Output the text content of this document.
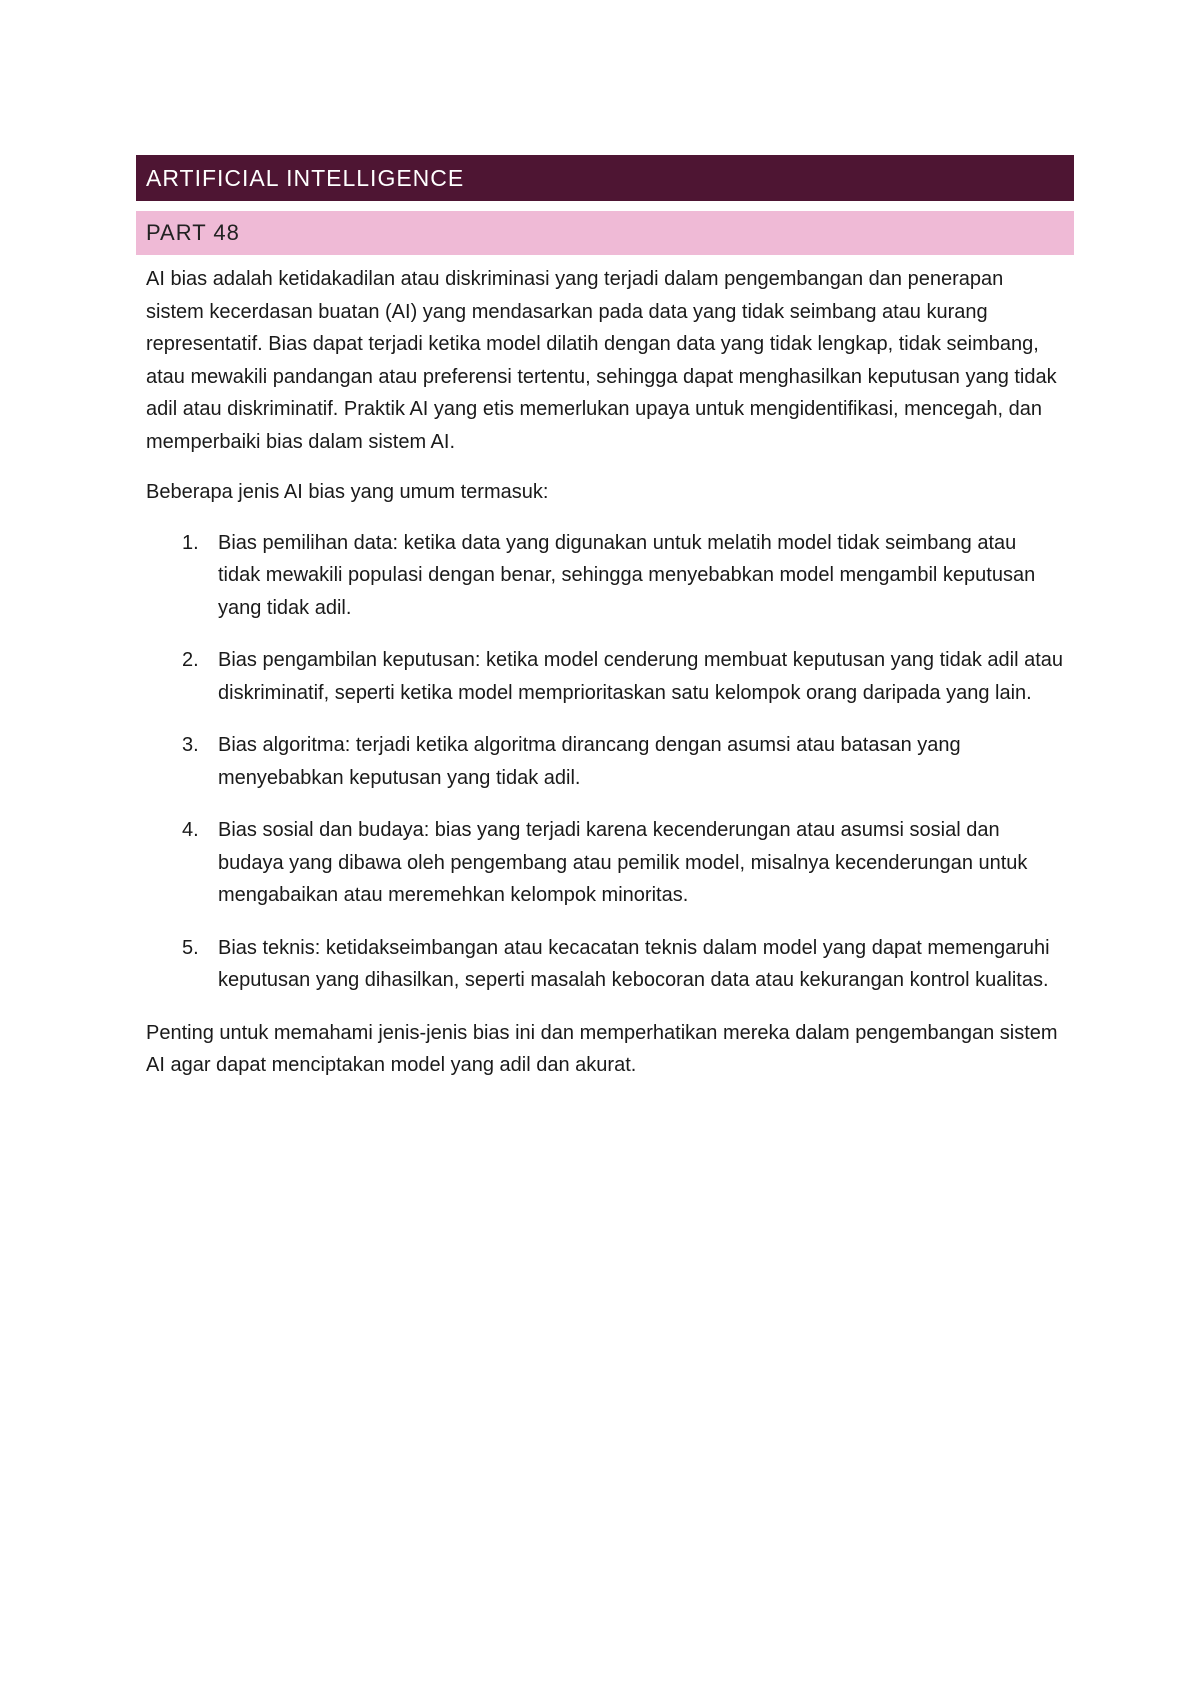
ARTIFICIAL INTELLIGENCE
PART 48

AI bias adalah ketidakadilan atau diskriminasi yang terjadi dalam pengembangan dan penerapan sistem kecerdasan buatan (AI) yang mendasarkan pada data yang tidak seimbang atau kurang representatif. Bias dapat terjadi ketika model dilatih dengan data yang tidak lengkap, tidak seimbang, atau mewakili pandangan atau preferensi tertentu, sehingga dapat menghasilkan keputusan yang tidak adil atau diskriminatif. Praktik AI yang etis memerlukan upaya untuk mengidentifikasi, mencegah, dan memperbaiki bias dalam sistem AI.

Beberapa jenis AI bias yang umum termasuk:

1. Bias pemilihan data: ketika data yang digunakan untuk melatih model tidak seimbang atau tidak mewakili populasi dengan benar, sehingga menyebabkan model mengambil keputusan yang tidak adil.
2. Bias pengambilan keputusan: ketika model cenderung membuat keputusan yang tidak adil atau diskriminatif, seperti ketika model memprioritaskan satu kelompok orang daripada yang lain.
3. Bias algoritma: terjadi ketika algoritma dirancang dengan asumsi atau batasan yang menyebabkan keputusan yang tidak adil.
4. Bias sosial dan budaya: bias yang terjadi karena kecenderungan atau asumsi sosial dan budaya yang dibawa oleh pengembang atau pemilik model, misalnya kecenderungan untuk mengabaikan atau meremehkan kelompok minoritas.
5. Bias teknis: ketidakseimbangan atau kecacatan teknis dalam model yang dapat memengaruhi keputusan yang dihasilkan, seperti masalah kebocoran data atau kekurangan kontrol kualitas.

Penting untuk memahami jenis-jenis bias ini dan memperhatikan mereka dalam pengembangan sistem AI agar dapat menciptakan model yang adil dan akurat.
